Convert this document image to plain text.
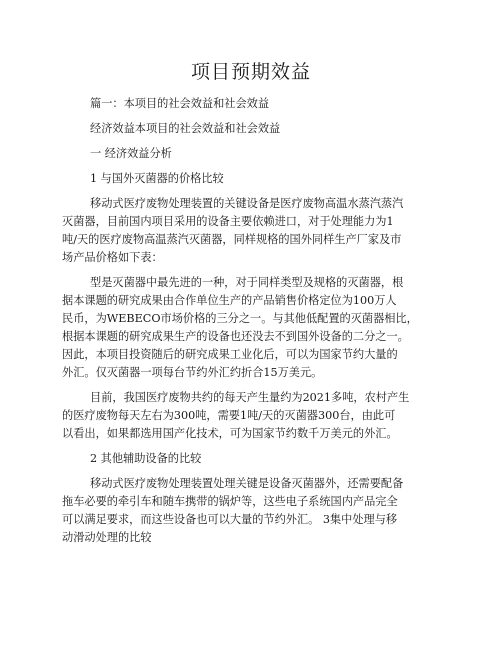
项目预期效益
篇一：本项目的社会效益和社会效益
经济效益本项目的社会效益和社会效益
一 经济效益分析
1 与国外灭菌器的价格比较
移动式医疗废物处理装置的关键设备是医疗废物高温水蒸汽蒸汽
灭菌器，目前国内项目采用的设备主要依赖进口，对于处理能力为1
吨/天的医疗废物高温蒸汽灭菌器，同样规格的国外同样生产厂家及市
场产品价格如下表：
型是灭菌器中最先进的一种，对于同样类型及规格的灭菌器，根
据本课题的研究成果由合作单位生产的产品销售价格定位为100万人
民币，为WEBECO市场价格的三分之一。与其他低配置的灭菌器相比，
根据本课题的研究成果生产的设备也还没去不到国外设备的二分之一。
因此，本项目投资随后的研究成果工业化后，可以为国家节约大量的
外汇。仅灭菌器一项每台节约外汇约折合15万美元。
目前，我国医疗废物共约的每天产生量约为2021多吨，农村产生
的医疗废物每天左右为300吨，需要1吨/天的灭菌器300台，由此可
以看出，如果都选用国产化技术，可为国家节约数千万美元的外汇。
2 其他辅助设备的比较
移动式医疗废物处理装置处理关键是设备灭菌器外，还需要配备
拖车必要的牵引车和随车携带的锅炉等，这些电子系统国内产品完全
可以满足要求，而这些设备也可以大量的节约外汇。 3集中处理与移
动滑动处理的比较
